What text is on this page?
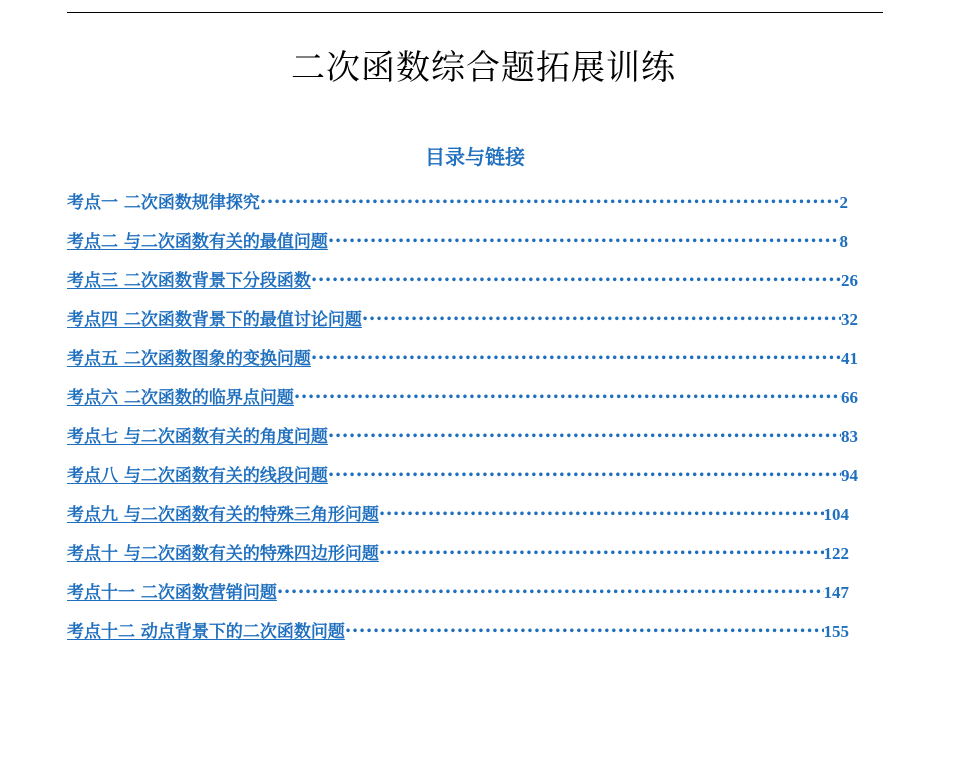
二次函数综合题拓展训练
目录与链接
考点一 二次函数规律探究 •••••	2
考点二 与二次函数有关的最值问题 •••••	8
考点三 二次函数背景下分段函数 •••••	26
考点四 二次函数背景下的最值讨论问题 •••••	32
考点五 二次函数图象的变换问题 •••••	41
考点六 二次函数的临界点问题 •••••	66
考点七 与二次函数有关的角度问题 •••••	83
考点八 与二次函数有关的线段问题 •••••	94
考点九 与二次函数有关的特殊三角形问题 •••••	104
考点十 与二次函数有关的特殊四边形问题 •••••	122
考点十一 二次函数营销问题 •••••	147
考点十二 动点背景下的二次函数问题 •••••	155
